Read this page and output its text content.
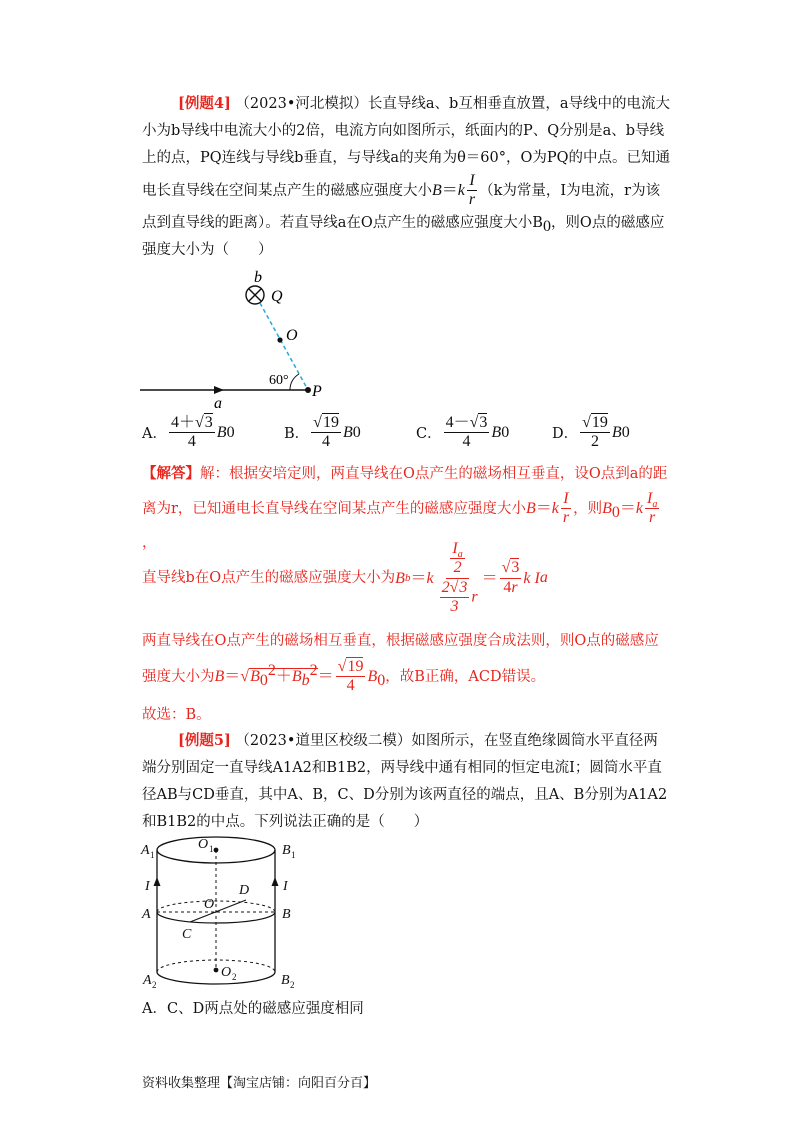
[例题4] （2023•河北模拟）长直导线a、b互相垂直放置，a导线中的电流大小为b导线中电流大小的2倍，电流方向如图所示，纸面内的P、Q分别是a、b导线上的点，PQ连线与导线b垂直，与导线a的夹角为θ＝60°，O为PQ的中点。已知通电长直导线在空间某点产生的磁感应强度大小$B=k \frac{I}{r} (k$为常量，I为电流，r为该点到直导线的距离）。若直导线a在O点产生的磁感应强度大小$B_0$，则O点的磁感应强度大小为（　　）
b
Q
O
60°
P
a
A． $\frac{4+√3}{4}$ B 0	B． $\frac{√19}{4}$ B 0	C． $\frac{4-√3}{4}$ B 0	D． $\frac{√19}{2}$ B 0
【解答】解：根据安培定则，两直导线在O点产生的磁场相互垂直，设O点到a的距离为r，已知通电长直导线在空间某点产生的磁感应强度大小$B=k \frac{I}{r}$ ，则$B_0=k \frac{I_a}{r}$
，
直导线b在O点产生的磁感应强度大小为 B b ＝ k $\frac{\frac{I_a}{2}}{\frac{2√3}{3} r} = \frac{√3}{4r}$ k I a
两直导线在O点产生的磁场相互垂直，根据磁感应强度合成法则，则O点的磁感应强度大小为$B=√B_0^2+B_b^2= \frac{√19}{4} B_0$，故B正确，ACD错误。
故选：B。
[例题5] （2023•道里区校级二模）如图所示，在竖直绝缘圆筒水平直径两端分别固定一直导线A1A2和B1B2，两导线中通有相同的恒定电流I；圆筒水平直径AB与CD垂直，其中A、B，C、D分别为该两直径的端点，且A、B分别为A1A2和B1B2的中点。下列说法正确的是（　　）
A 1
O 1	B 1
I	I
D
O
A	B
C
A 2
O 2	B 2
A．C、D两点处的磁感应强度相同
资料收集整理【淘宝店铺：向阳百分百】
